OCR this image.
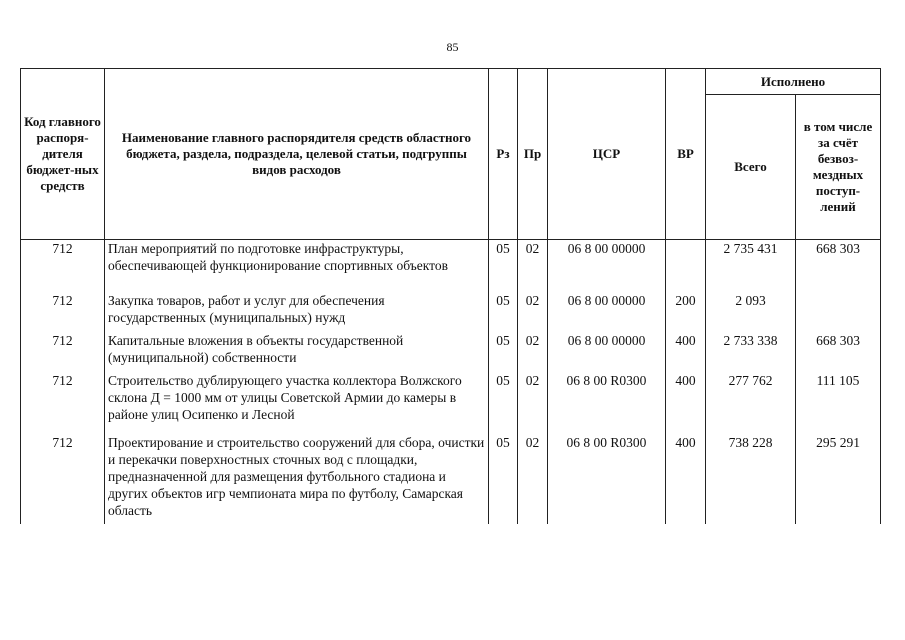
85
Код главного распоря-дителя бюджет-ных средств	Наименование главного распорядителя средств областного бюджета, раздела, подраздела, целевой статьи, подгруппы видов расходов	Рз	Пр	ЦСР	ВР	Исполнено	
						Всего	в том числе за счёт безвоз-мездных поступ-лений
712	План мероприятий по подготовке инфраструктуры, обеспечивающей функционирование спортивных объектов	05	02	06 8 00 00000		2 735 431	668 303
712	Закупка товаров, работ и услуг для обеспечения государственных (муниципальных) нужд	05	02	06 8 00 00000	200	2 093	
712	Капитальные вложения в объекты государственной (муниципальной) собственности	05	02	06 8 00 00000	400	2 733 338	668 303
712	Строительство дублирующего участка коллектора Волжского склона Д = 1000 мм от улицы Советской Армии до камеры в районе улиц Осипенко и Лесной	05	02	06 8 00 R0300	400	277 762	111 105
712	Проектирование и строительство сооружений для сбора, очистки и перекачки поверхностных сточных вод с площадки, предназначенной для размещения футбольного стадиона и других объектов игр чемпионата мира по футболу, Самарская область	05	02	06 8 00 R0300	400	738 228	295 291
